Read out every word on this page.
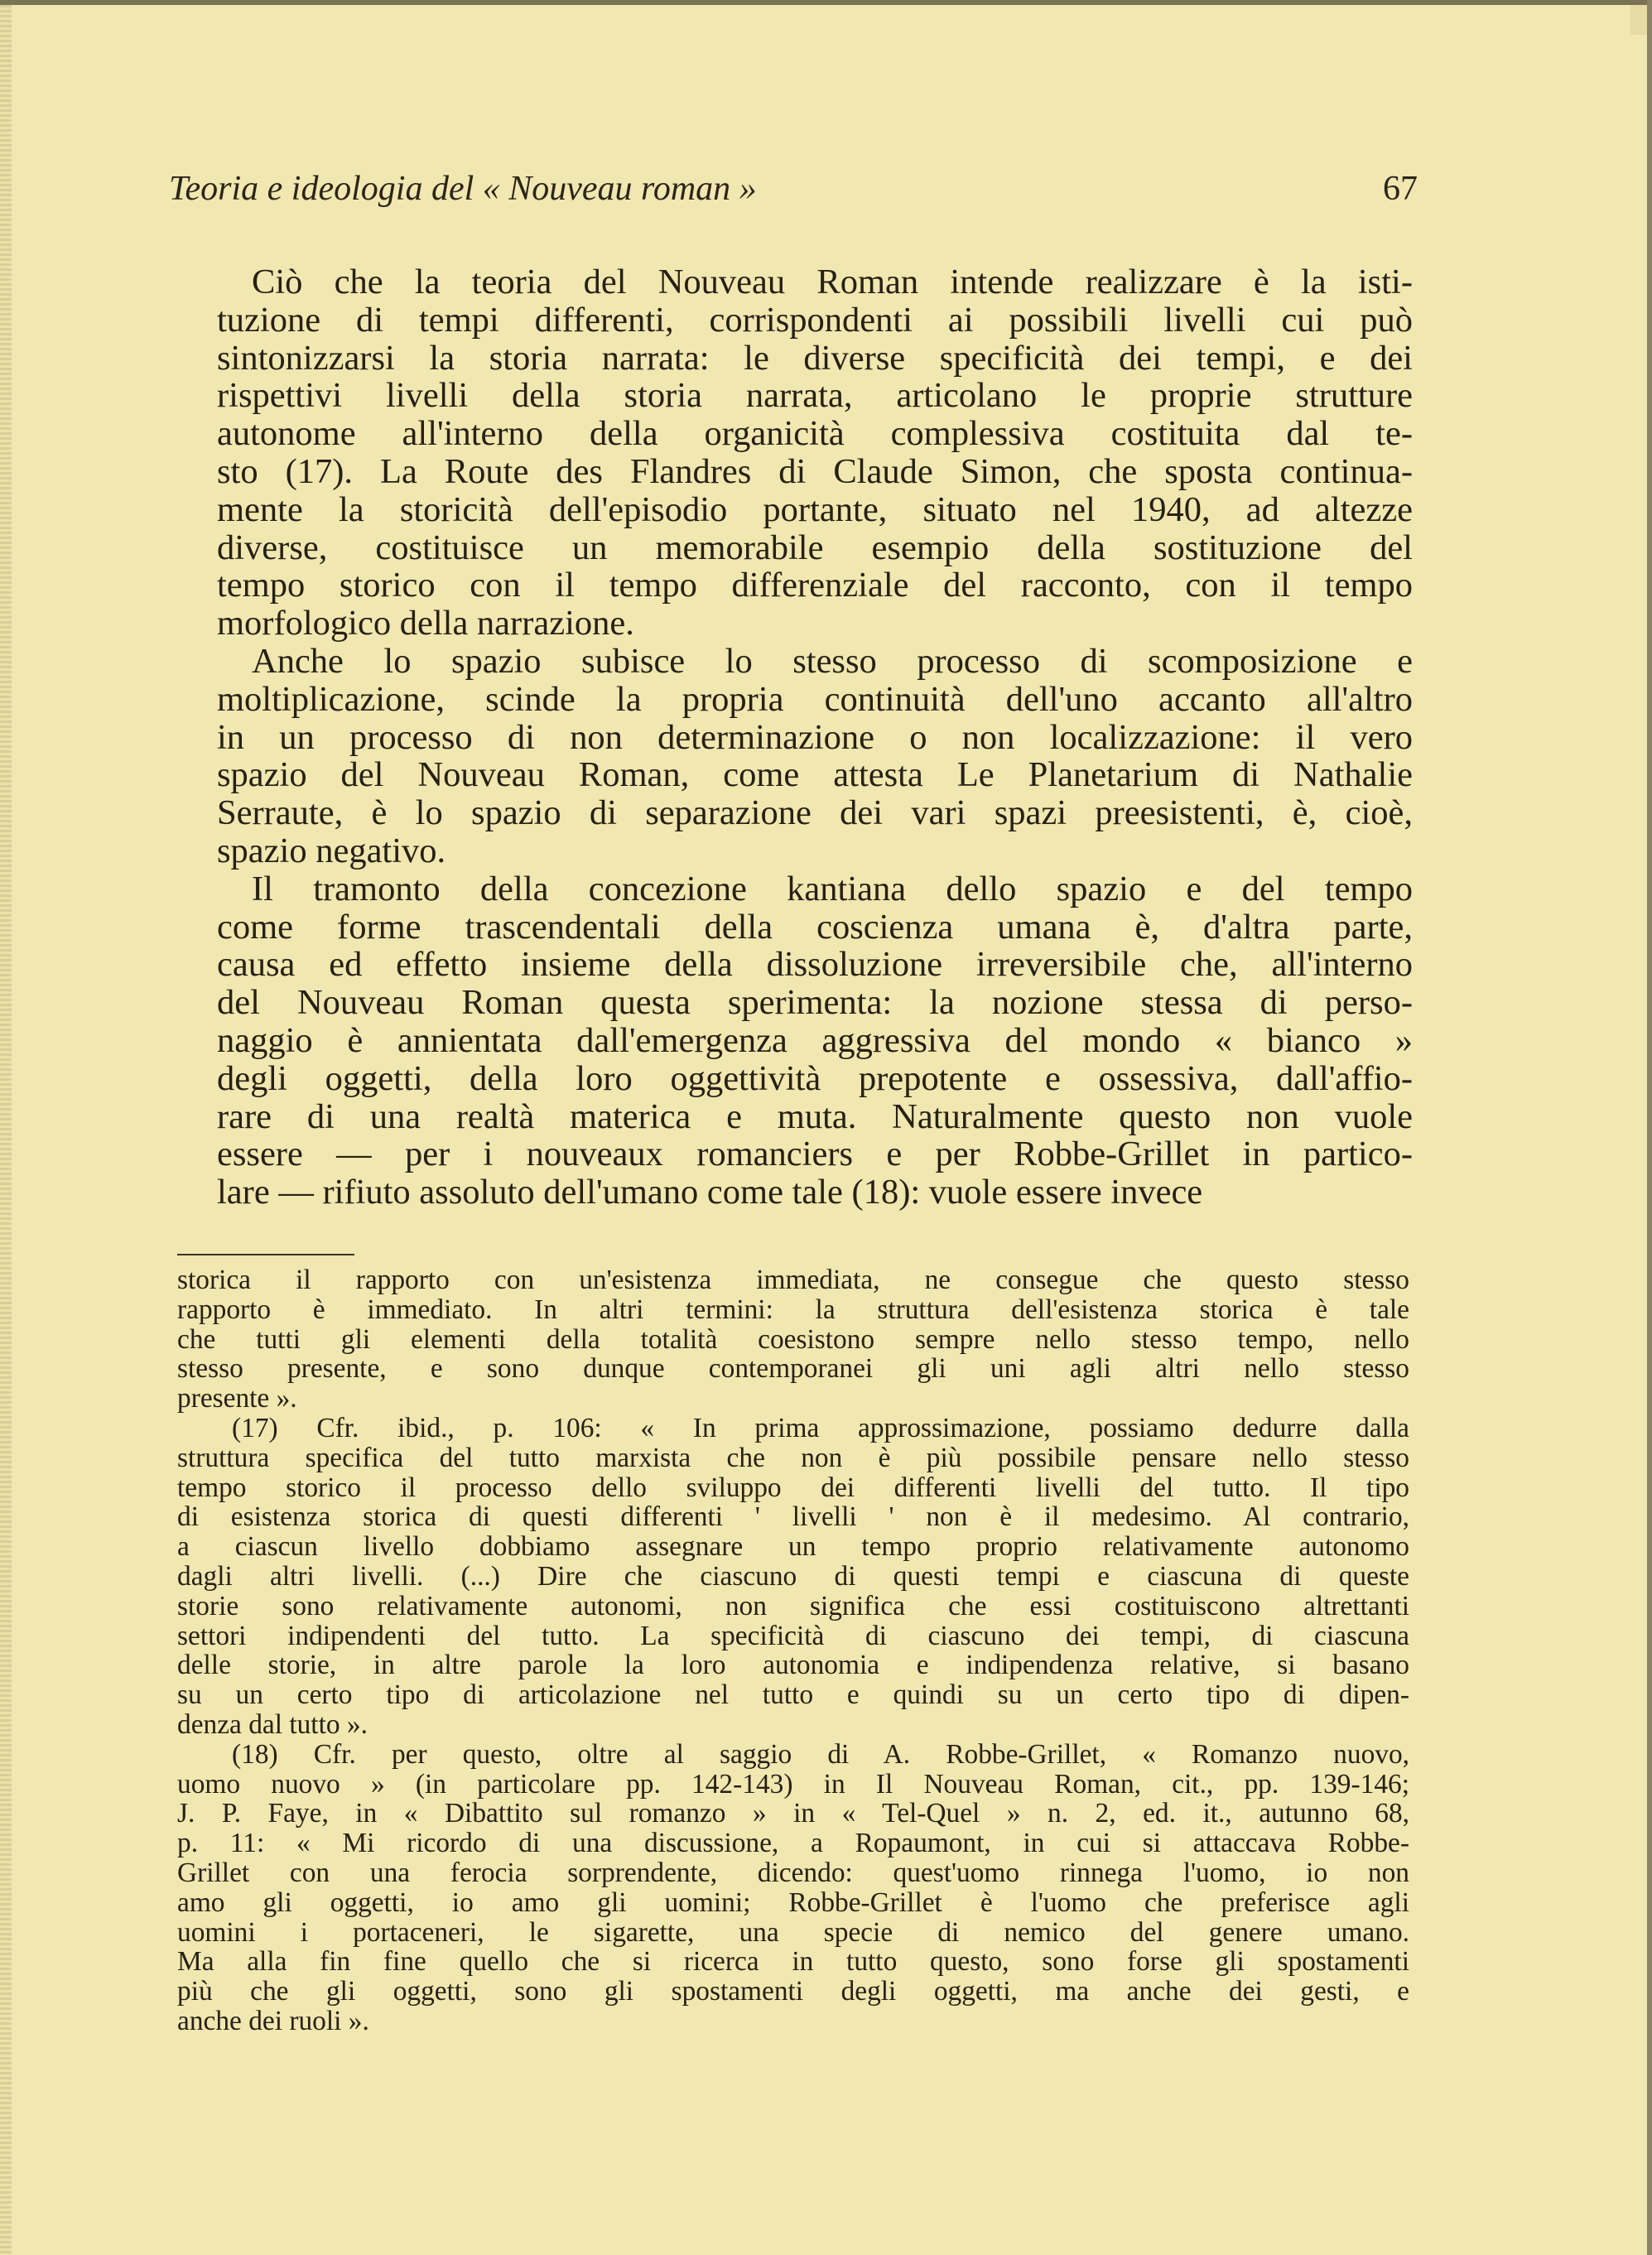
Teoria e ideologia del « Nouveau roman »	67
Ciò che la teoria del Nouveau Roman intende realizzare è la isti-
tuzione di tempi differenti, corrispondenti ai possibili livelli cui può
sintonizzarsi la storia narrata: le diverse specificità dei tempi, e dei
rispettivi livelli della storia narrata, articolano le proprie strutture
autonome all'interno della organicità complessiva costituita dal te-
sto (17). La Route des Flandres di Claude Simon, che sposta continua-
mente la storicità dell'episodio portante, situato nel 1940, ad altezze
diverse, costituisce un memorabile esempio della sostituzione del
tempo storico con il tempo differenziale del racconto, con il tempo
morfologico della narrazione.
Anche lo spazio subisce lo stesso processo di scomposizione e
moltiplicazione, scinde la propria continuità dell'uno accanto all'altro
in un processo di non determinazione o non localizzazione: il vero
spazio del Nouveau Roman, come attesta Le Planetarium di Nathalie
Serraute, è lo spazio di separazione dei vari spazi preesistenti, è, cioè,
spazio negativo.
Il tramonto della concezione kantiana dello spazio e del tempo
come forme trascendentali della coscienza umana è, d'altra parte,
causa ed effetto insieme della dissoluzione irreversibile che, all'interno
del Nouveau Roman questa sperimenta: la nozione stessa di perso-
naggio è annientata dall'emergenza aggressiva del mondo « bianco »
degli oggetti, della loro oggettività prepotente e ossessiva, dall'affio-
rare di una realtà materica e muta. Naturalmente questo non vuole
essere — per i nouveaux romanciers e per Robbe-Grillet in partico-
lare — rifiuto assoluto dell'umano come tale (18): vuole essere invece
storica il rapporto con un'esistenza immediata, ne consegue che questo stesso
rapporto è immediato. In altri termini: la struttura dell'esistenza storica è tale
che tutti gli elementi della totalità coesistono sempre nello stesso tempo, nello
stesso presente, e sono dunque contemporanei gli uni agli altri nello stesso
presente ».
(17) Cfr. ibid., p. 106: « In prima approssimazione, possiamo dedurre dalla
struttura specifica del tutto marxista che non è più possibile pensare nello stesso
tempo storico il processo dello sviluppo dei differenti livelli del tutto. Il tipo
di esistenza storica di questi differenti ' livelli ' non è il medesimo. Al contrario,
a ciascun livello dobbiamo assegnare un tempo proprio relativamente autonomo
dagli altri livelli. (...) Dire che ciascuno di questi tempi e ciascuna di queste
storie sono relativamente autonomi, non significa che essi costituiscono altrettanti
settori indipendenti del tutto. La specificità di ciascuno dei tempi, di ciascuna
delle storie, in altre parole la loro autonomia e indipendenza relative, si basano
su un certo tipo di articolazione nel tutto e quindi su un certo tipo di dipen-
denza dal tutto ».
(18) Cfr. per questo, oltre al saggio di A. Robbe-Grillet, « Romanzo nuovo,
uomo nuovo » (in particolare pp. 142-143) in Il Nouveau Roman, cit., pp. 139-146;
J. P. Faye, in « Dibattito sul romanzo » in « Tel-Quel » n. 2, ed. it., autunno 68,
p. 11: « Mi ricordo di una discussione, a Ropaumont, in cui si attaccava Robbe-
Grillet con una ferocia sorprendente, dicendo: quest'uomo rinnega l'uomo, io non
amo gli oggetti, io amo gli uomini; Robbe-Grillet è l'uomo che preferisce agli
uomini i portaceneri, le sigarette, una specie di nemico del genere umano.
Ma alla fin fine quello che si ricerca in tutto questo, sono forse gli spostamenti
più che gli oggetti, sono gli spostamenti degli oggetti, ma anche dei gesti, e
anche dei ruoli ».
